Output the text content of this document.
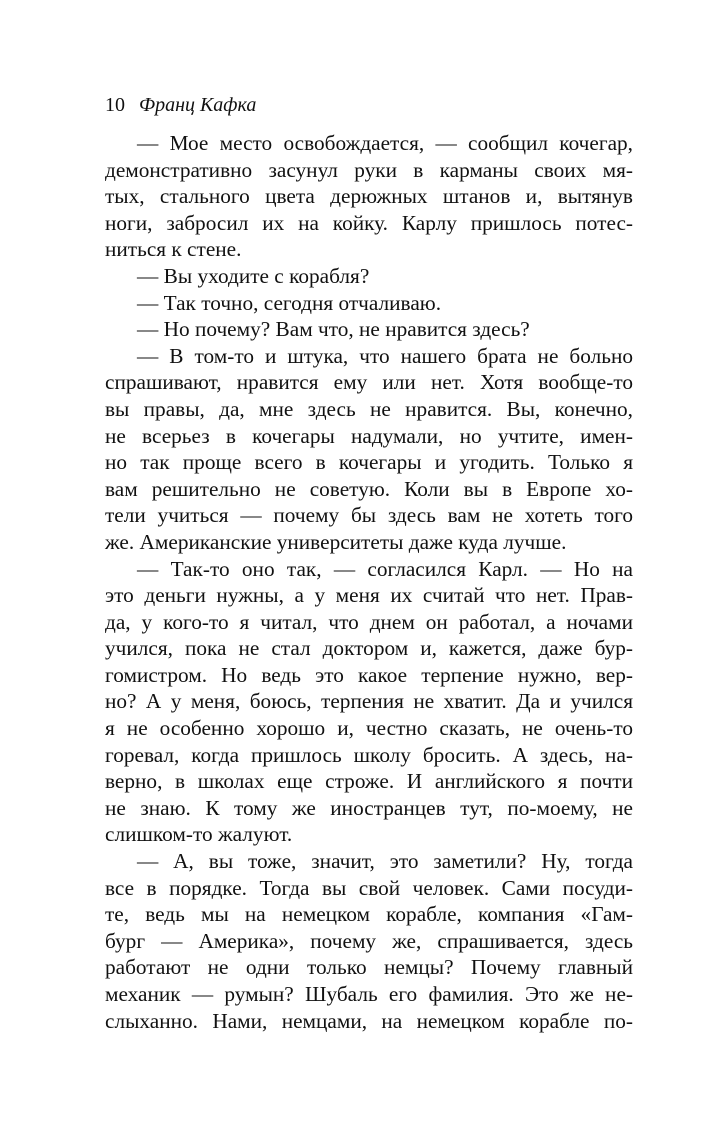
10 Франц Кафка
— Мое место освобождается, — сообщил кочегар,
демонстративно засунул руки в карманы своих мя-
тых, стального цвета дерюжных штанов и, вытянув
ноги, забросил их на койку. Карлу пришлось потес-
ниться к стене.
— Вы уходите с корабля?
— Так точно, сегодня отчаливаю.
— Но почему? Вам что, не нравится здесь?
— В том-то и штука, что нашего брата не больно
спрашивают, нравится ему или нет. Хотя вообще-то
вы правы, да, мне здесь не нравится. Вы, конечно,
не всерьез в кочегары надумали, но учтите, имен-
но так проще всего в кочегары и угодить. Только я
вам решительно не советую. Коли вы в Европе хо-
тели учиться — почему бы здесь вам не хотеть того
же. Американские университеты даже куда лучше.
— Так-то оно так, — согласился Карл. — Но на
это деньги нужны, а у меня их считай что нет. Прав-
да, у кого-то я читал, что днем он работал, а ночами
учился, пока не стал доктором и, кажется, даже бур-
гомистром. Но ведь это какое терпение нужно, вер-
но? А у меня, боюсь, терпения не хватит. Да и учился
я не особенно хорошо и, честно сказать, не очень-то
горевал, когда пришлось школу бросить. А здесь, на-
верно, в школах еще строже. И английского я почти
не знаю. К тому же иностранцев тут, по-моему, не
слишком-то жалуют.
— А, вы тоже, значит, это заметили? Ну, тогда
все в порядке. Тогда вы свой человек. Сами посуди-
те, ведь мы на немецком корабле, компания «Гам-
бург — Америка», почему же, спрашивается, здесь
работают не одни только немцы? Почему главный
механик — румын? Шубаль его фамилия. Это же не-
слыханно. Нами, немцами, на немецком корабле по-
